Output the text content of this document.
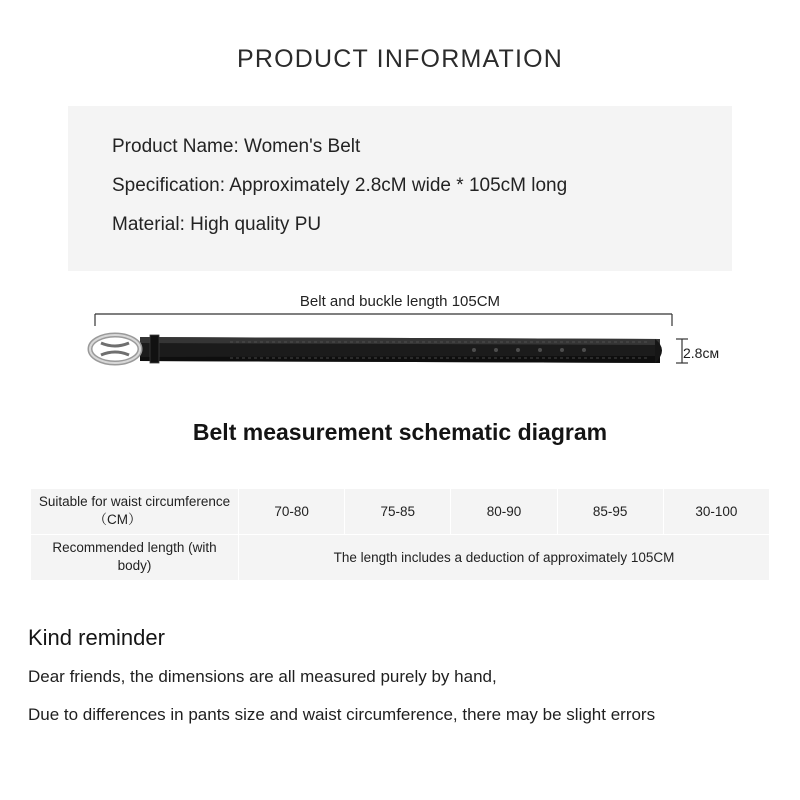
PRODUCT INFORMATION
Product Name: Women's Belt
Specification: Approximately 2.8cM wide * 105cM long
Material: High quality PU
Belt and buckle length 105CM
2.8cм
Belt measurement schematic diagram
Suitable for waist circumference
（CM）	70-80	75-85	80-90	85-95	30-100
Recommended length (with body)	The length includes a deduction of approximately 105CM				
Kind reminder

Dear friends, the dimensions are all measured purely by hand,

Due to differences in pants size and waist circumference, there may be slight errors
